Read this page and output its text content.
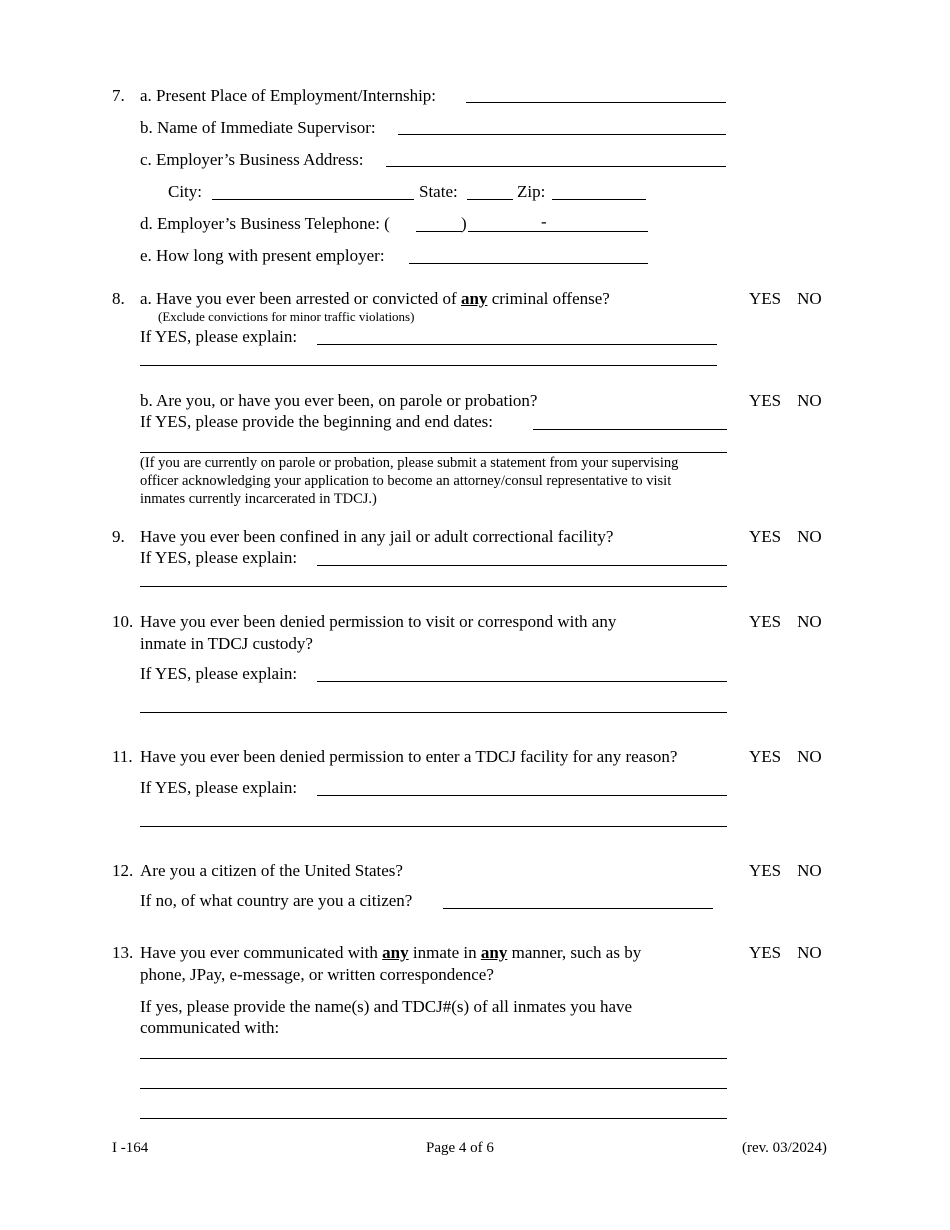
7. a. Present Place of Employment/Internship:
b. Name of Immediate Supervisor:
c. Employer’s Business Address:
City:	State:	Zip:
d. Employer’s Business Telephone: (	)	-
e. How long with present employer:
8. a. Have you ever been arrested or convicted of any criminal offense?	YES NO
(Exclude convictions for minor traffic violations)
If YES, please explain:
b. Are you, or have you ever been, on parole or probation?	YES NO
If YES, please provide the beginning and end dates:
(If you are currently on parole or probation, please submit a statement from your supervising
officer acknowledging your application to become an attorney/consul representative to visit
inmates currently incarcerated in TDCJ.)
9. Have you ever been confined in any jail or adult correctional facility?	YES NO
If YES, please explain:
10. Have you ever been denied permission to visit or correspond with any	YES NO
inmate in TDCJ custody?
If YES, please explain:
11. Have you ever been denied permission to enter a TDCJ facility for any reason?	YES NO
If YES, please explain:
12. Are you a citizen of the United States?	YES NO
If no, of what country are you a citizen?
13. Have you ever communicated with any inmate in any manner, such as by	YES NO
phone, JPay, e-message, or written correspondence?
If yes, please provide the name(s) and TDCJ#(s) of all inmates you have
communicated with:
I -164	Page 4 of 6	(rev. 03/2024)
